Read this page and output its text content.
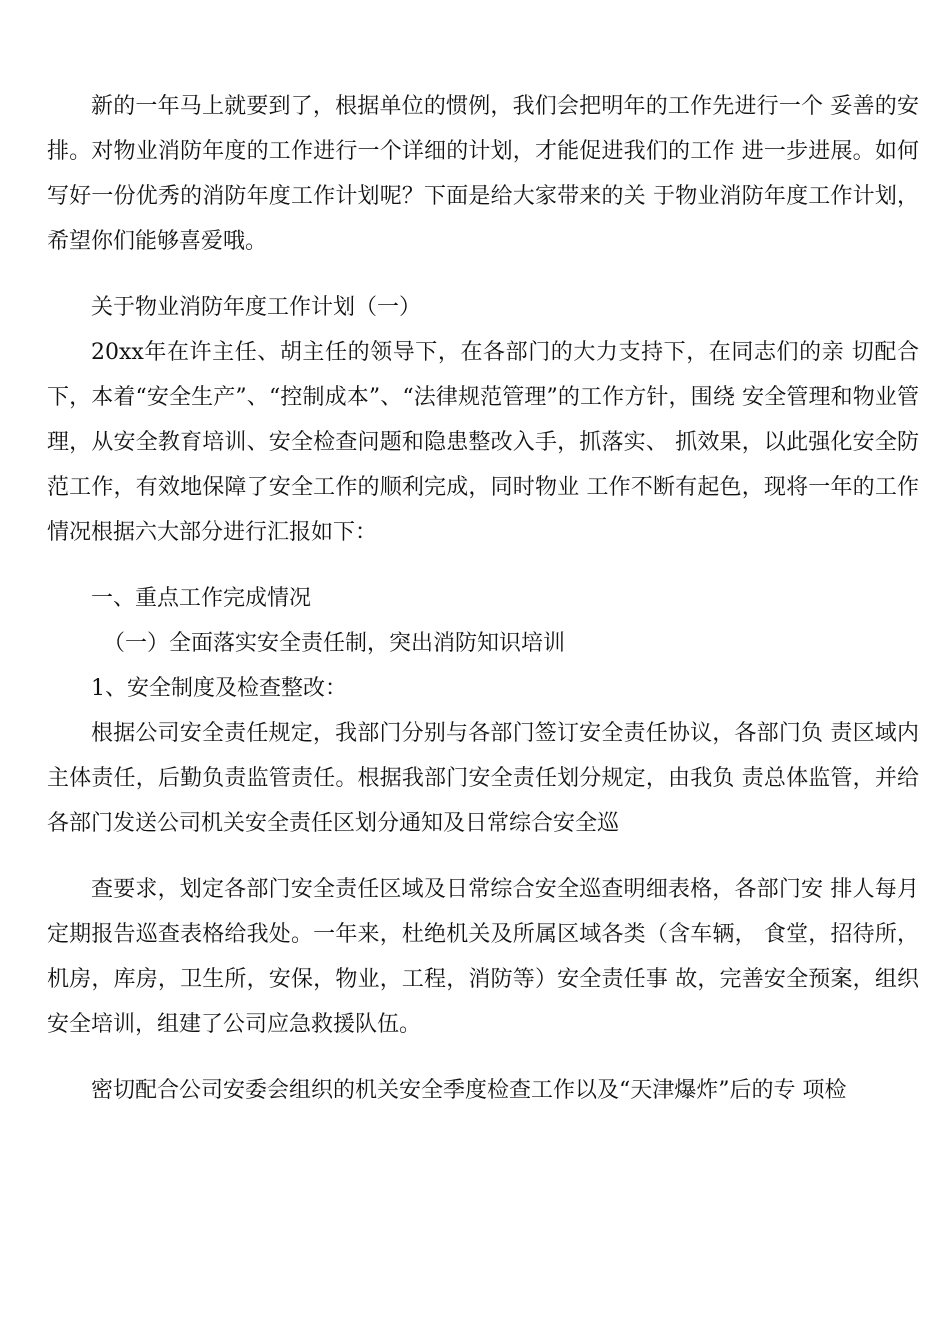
新的一年马上就要到了，根据单位的惯例，我们会把明年的工作先进行一个 妥善的安排。对物业消防年度的工作进行一个详细的计划，才能促进我们的工作 进一步进展。如何写好一份优秀的消防年度工作计划呢？下面是给大家带来的关 于物业消防年度工作计划，希望你们能够喜爱哦。

关于物业消防年度工作计划（一）

20xx年在许主任、胡主任的领导下，在各部门的大力支持下，在同志们的亲 切配合下，本着“安全生产”、“控制成本”、“法律规范管理”的工作方针，围绕 安全管理和物业管理，从安全教育培训、安全检查问题和隐患整改入手，抓落实、 抓效果，以此强化安全防范工作，有效地保障了安全工作的顺利完成，同时物业 工作不断有起色，现将一年的工作情况根据六大部分进行汇报如下：

一、重点工作完成情况

（一）全面落实安全责任制，突出消防知识培训

1、安全制度及检查整改：

根据公司安全责任规定，我部门分别与各部门签订安全责任协议，各部门负 责区域内主体责任，后勤负责监管责任。根据我部门安全责任划分规定，由我负 责总体监管，并给各部门发送公司机关安全责任区划分通知及日常综合安全巡

查要求，划定各部门安全责任区域及日常综合安全巡查明细表格，各部门安 排人每月定期报告巡查表格给我处。一年来，杜绝机关及所属区域各类（含车辆， 食堂，招待所，机房，库房，卫生所，安保，物业，工程，消防等）安全责任事 故，完善安全预案，组织安全培训，组建了公司应急救援队伍。

密切配合公司安委会组织的机关安全季度检查工作以及“天津爆炸”后的专 项检
